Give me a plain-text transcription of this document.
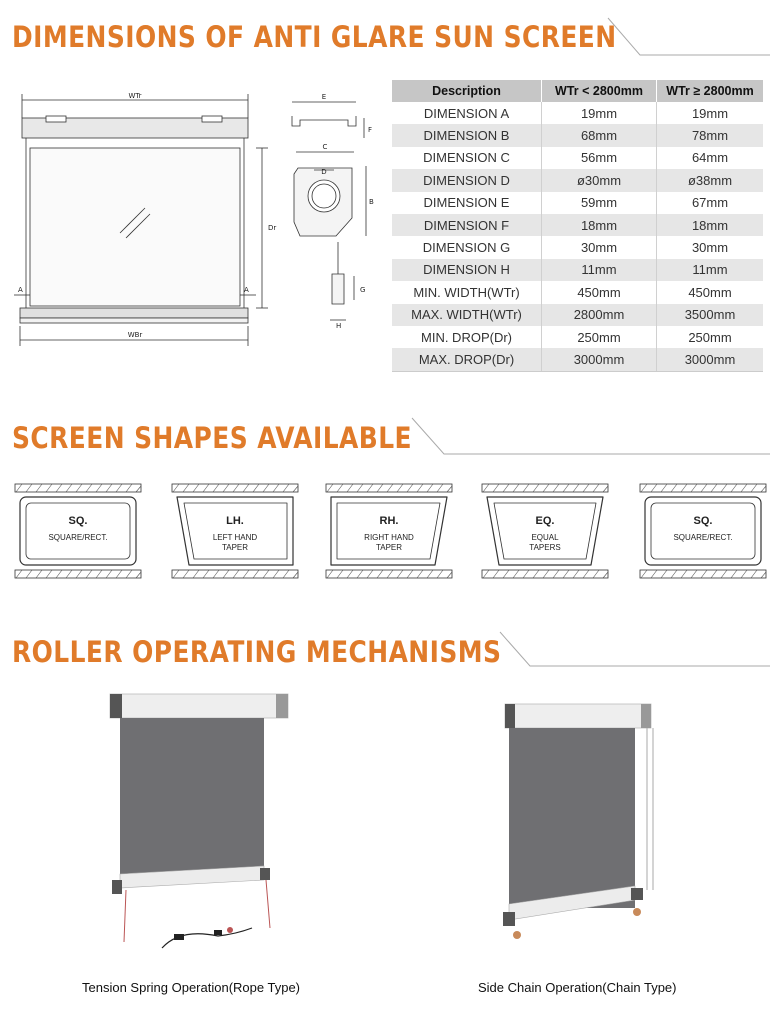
DIMENSIONS OF ANTI GLARE SUN SCREEN
WTr
WBr
Dr
A	A
E
F
C
D
B
G
H
Description	WTr < 2800mm	WTr ≥ 2800mm
DIMENSION A	19mm	19mm
DIMENSION B	68mm	78mm
DIMENSION C	56mm	64mm
DIMENSION D	ø30mm	ø38mm
DIMENSION E	59mm	67mm
DIMENSION F	18mm	18mm
DIMENSION G	30mm	30mm
DIMENSION H	11mm	11mm
MIN. WIDTH(WTr)	450mm	450mm
MAX. WIDTH(WTr)	2800mm	3500mm
MIN. DROP(Dr)	250mm	250mm
MAX. DROP(Dr)	3000mm	3000mm
SCREEN SHAPES AVAILABLE
SQ.
SQUARE/RECT.
LH.
LEFT HAND TAPER
RH.
RIGHT HAND TAPER
EQ.
EQUAL TAPERS
SQ.
SQUARE/RECT.
ROLLER OPERATING MECHANISMS
Tension Spring Operation(Rope Type)	Side Chain Operation(Chain Type)
